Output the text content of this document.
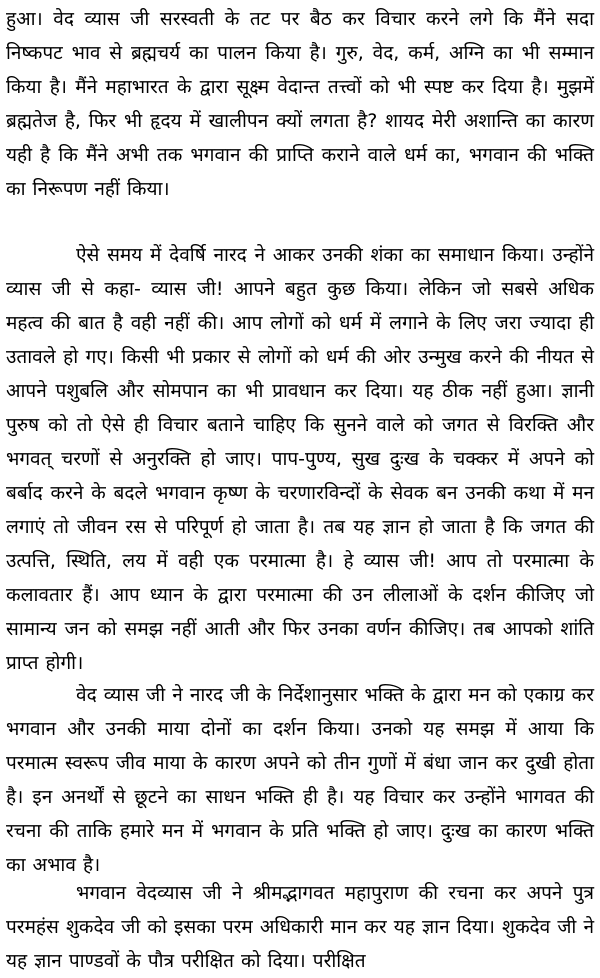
हुआ। वेद व्यास जी सरस्वती के तट पर बैठ कर विचार करने लगे कि मैंने सदा निष्कपट भाव से ब्रह्मचर्य का पालन किया है। गुरु, वेद, कर्म, अग्नि का भी सम्मान किया है। मैंने महाभारत के द्वारा सूक्ष्म वेदान्त तत्त्वों को भी स्पष्ट कर दिया है। मुझमें ब्रह्मतेज है, फिर भी हृदय में खालीपन क्यों लगता है? शायद मेरी अशान्ति का कारण यही है कि मैंने अभी तक भगवान की प्राप्ति कराने वाले धर्म का, भगवान की भक्ति का निरूपण नहीं किया।

ऐसे समय में देवर्षि नारद ने आकर उनकी शंका का समाधान किया। उन्होंने व्यास जी से कहा- व्यास जी! आपने बहुत कुछ किया। लेकिन जो सबसे अधिक महत्व की बात है वही नहीं की। आप लोगों को धर्म में लगाने के लिए जरा ज्यादा ही उतावले हो गए। किसी भी प्रकार से लोगों को धर्म की ओर उन्मुख करने की नीयत से आपने पशुबलि और सोमपान का भी प्रावधान कर दिया। यह ठीक नहीं हुआ। ज्ञानी पुरुष को तो ऐसे ही विचार बताने चाहिए कि सुनने वाले को जगत से विरक्ति और भगवत् चरणों से अनुरक्ति हो जाए। पाप-पुण्य, सुख दुःख के चक्कर में अपने को बर्बाद करने के बदले भगवान कृष्ण के चरणारविन्दों के सेवक बन उनकी कथा में मन लगाएं तो जीवन रस से परिपूर्ण हो जाता है। तब यह ज्ञान हो जाता है कि जगत की उत्पत्ति, स्थिति, लय में वही एक परमात्मा है। हे व्यास जी! आप तो परमात्मा के कलावतार हैं। आप ध्यान के द्वारा परमात्मा की उन लीलाओं के दर्शन कीजिए जो सामान्य जन को समझ नहीं आती और फिर उनका वर्णन कीजिए। तब आपको शांति प्राप्त होगी।

वेद व्यास जी ने नारद जी के निर्देशानुसार भक्ति के द्वारा मन को एकाग्र कर भगवान और उनकी माया दोनों का दर्शन किया। उनको यह समझ में आया कि परमात्म स्वरूप जीव माया के कारण अपने को तीन गुणों में बंधा जान कर दुखी होता है। इन अनर्थों से छूटने का साधन भक्ति ही है। यह विचार कर उन्होंने भागवत की रचना की ताकि हमारे मन में भगवान के प्रति भक्ति हो जाए। दुःख का कारण भक्ति का अभाव है।

भगवान वेदव्यास जी ने श्रीमद्भागवत महापुराण की रचना कर अपने पुत्र परमहंस शुकदेव जी को इसका परम अधिकारी मान कर यह ज्ञान दिया। शुकदेव जी ने यह ज्ञान पाण्डवों के पौत्र परीक्षित को दिया। परीक्षित
